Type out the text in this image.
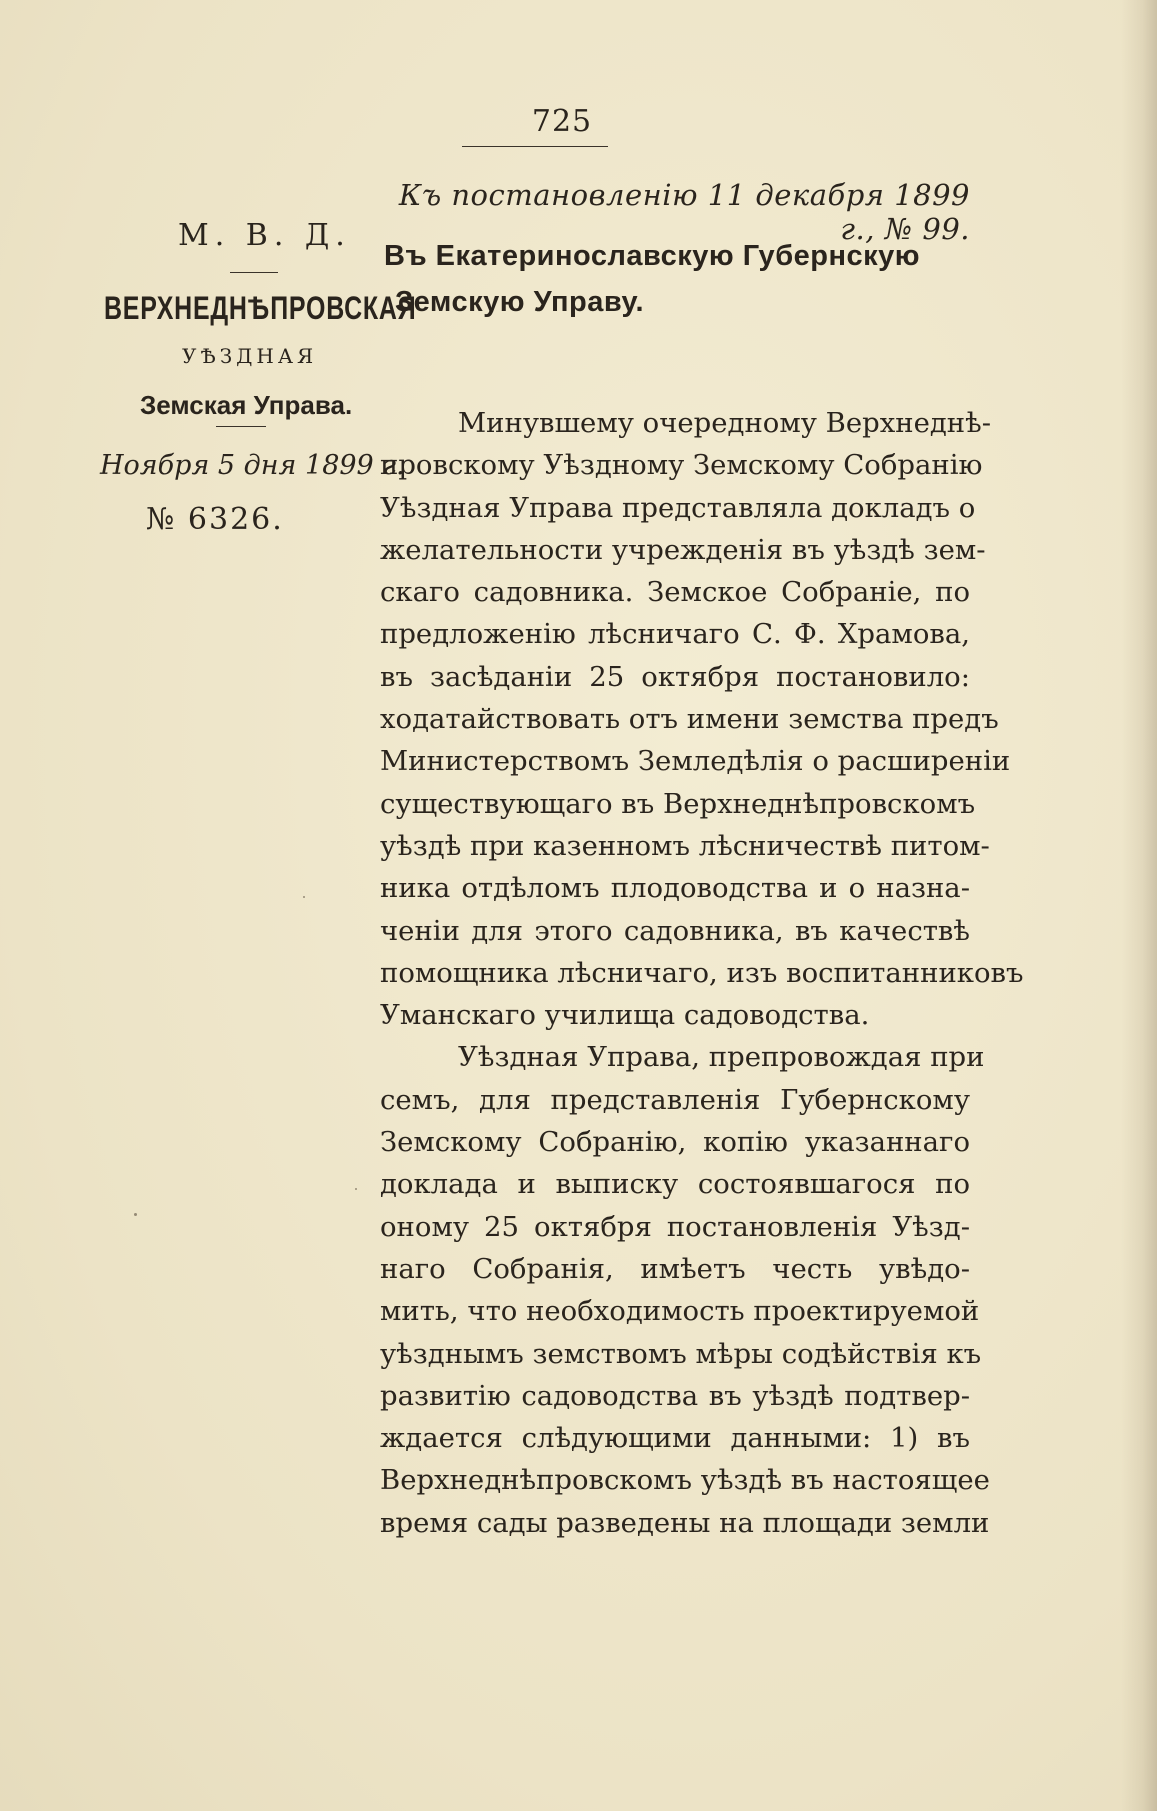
725
Къ постановленію 11 декабря 1899 г., № 99.
М. В. Д.
ВЕРХНЕДНѢПРОВСКАЯ
УѢЗДНАЯ
Земская Управа.
Ноября 5 дня 1899 г.
№ 6326.
Въ Екатеринославскую Губернскую
Земскую Управу.
Минувшему очередному Верхнеднѣ-
провскому Уѣздному Земскому Собранію
Уѣздная Управа представляла докладъ о
желательности учрежденія въ уѣздѣ зем-
скаго садовника. Земское Собраніе, по
предложенію лѣсничаго С. Ф. Храмова,
въ засѣданіи 25 октября постановило:
ходатайствовать отъ имени земства предъ
Министерствомъ Земледѣлія о расширеніи
существующаго въ Верхнеднѣпровскомъ
уѣздѣ при казенномъ лѣсничествѣ питом-
ника отдѣломъ плодоводства и о назна-
ченіи для этого садовника, въ качествѣ
помощника лѣсничаго, изъ воспитанниковъ
Уманскаго училища садоводства.
Уѣздная Управа, препровождая при
семъ, для представленія Губернскому
Земскому Собранію, копію указаннаго
доклада и выписку состоявшагося по
оному 25 октября постановленія Уѣзд-
наго Собранія, имѣетъ честь увѣдо-
мить, что необходимость проектируемой
уѣзднымъ земствомъ мѣры содѣйствія къ
развитію садоводства въ уѣздѣ подтвер-
ждается слѣдующими данными: 1) въ
Верхнеднѣпровскомъ уѣздѣ въ настоящее
время сады разведены на площади земли
